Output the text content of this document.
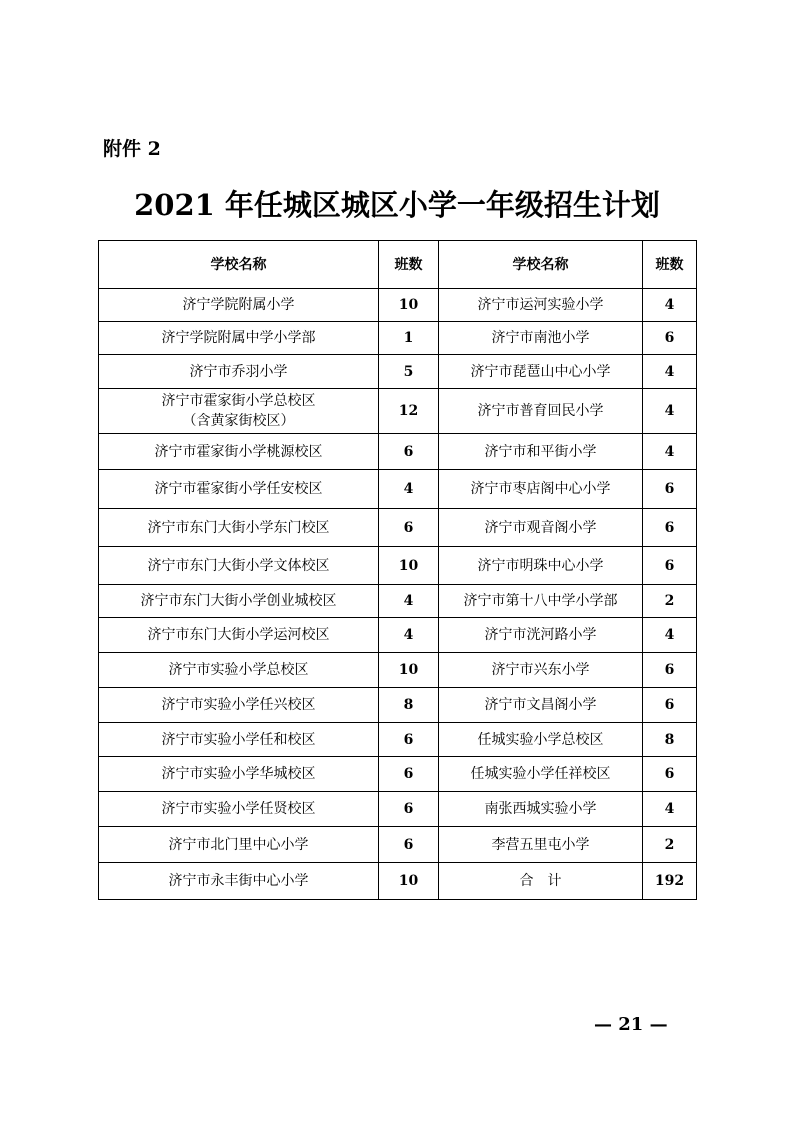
附件 2
2021 年任城区城区小学一年级招生计划
学校名称	班数	学校名称	班数

济宁学院附属小学	10	济宁市运河实验小学	4

济宁学院附属中学小学部	1	济宁市南池小学	6

济宁市乔羽小学	5	济宁市琵琶山中心小学	4

济宁市霍家街小学总校区
（含黄家街校区）	12	济宁市普育回民小学	4

济宁市霍家街小学桃源校区	6	济宁市和平街小学	4

济宁市霍家街小学任安校区	4	济宁市枣店阁中心小学	6

济宁市东门大街小学东门校区	6	济宁市观音阁小学	6

济宁市东门大街小学文体校区	10	济宁市明珠中心小学	6

济宁市东门大街小学创业城校区	4	济宁市第十八中学小学部	2

济宁市东门大街小学运河校区	4	济宁市洸河路小学	4

济宁市实验小学总校区	10	济宁市兴东小学	6

济宁市实验小学任兴校区	8	济宁市文昌阁小学	6

济宁市实验小学任和校区	6	任城实验小学总校区	8

济宁市实验小学华城校区	6	任城实验小学任祥校区	6

济宁市实验小学任贤校区	6	南张西城实验小学	4

济宁市北门里中心小学	6	李营五里屯小学	2

济宁市永丰街中心小学	10	合　计	192
— 21 —
